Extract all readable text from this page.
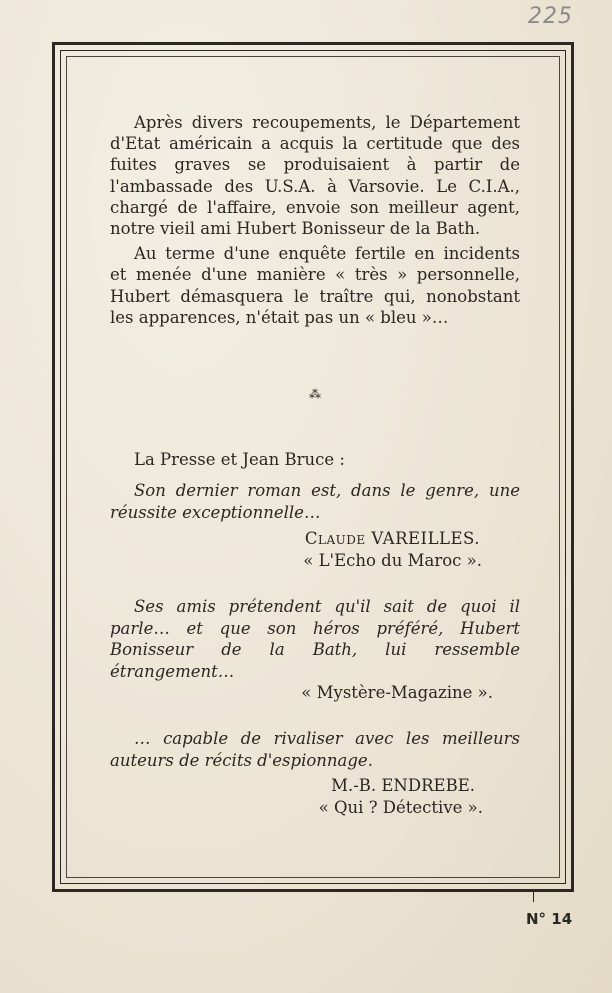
225

Après divers recoupements, le Département d'Etat américain a acquis la certitude que des fuites graves se produisaient à partir de l'ambassade des U.S.A. à Varsovie. Le C.I.A., chargé de l'affaire, envoie son meilleur agent, notre vieil ami Hubert Bonisseur de la Bath.

Au terme d'une enquête fertile en incidents et menée d'une manière « très » personnelle, Hubert démasquera le traître qui, nonobstant les apparences, n'était pas un « bleu »…

⁂
La Presse et Jean Bruce :
Son dernier roman est, dans le genre, une réussite exceptionnelle…
Claude VAREILLES.
« L'Echo du Maroc ».
Ses amis prétendent qu'il sait de quoi il parle… et que son héros préféré, Hubert Bonisseur de la Bath, lui ressemble étrangement…
« Mystère-Magazine ».
… capable de rivaliser avec les meilleurs auteurs de récits d'espionnage.
M.-B. ENDREBE.
« Qui ? Détective ».
N° 14
